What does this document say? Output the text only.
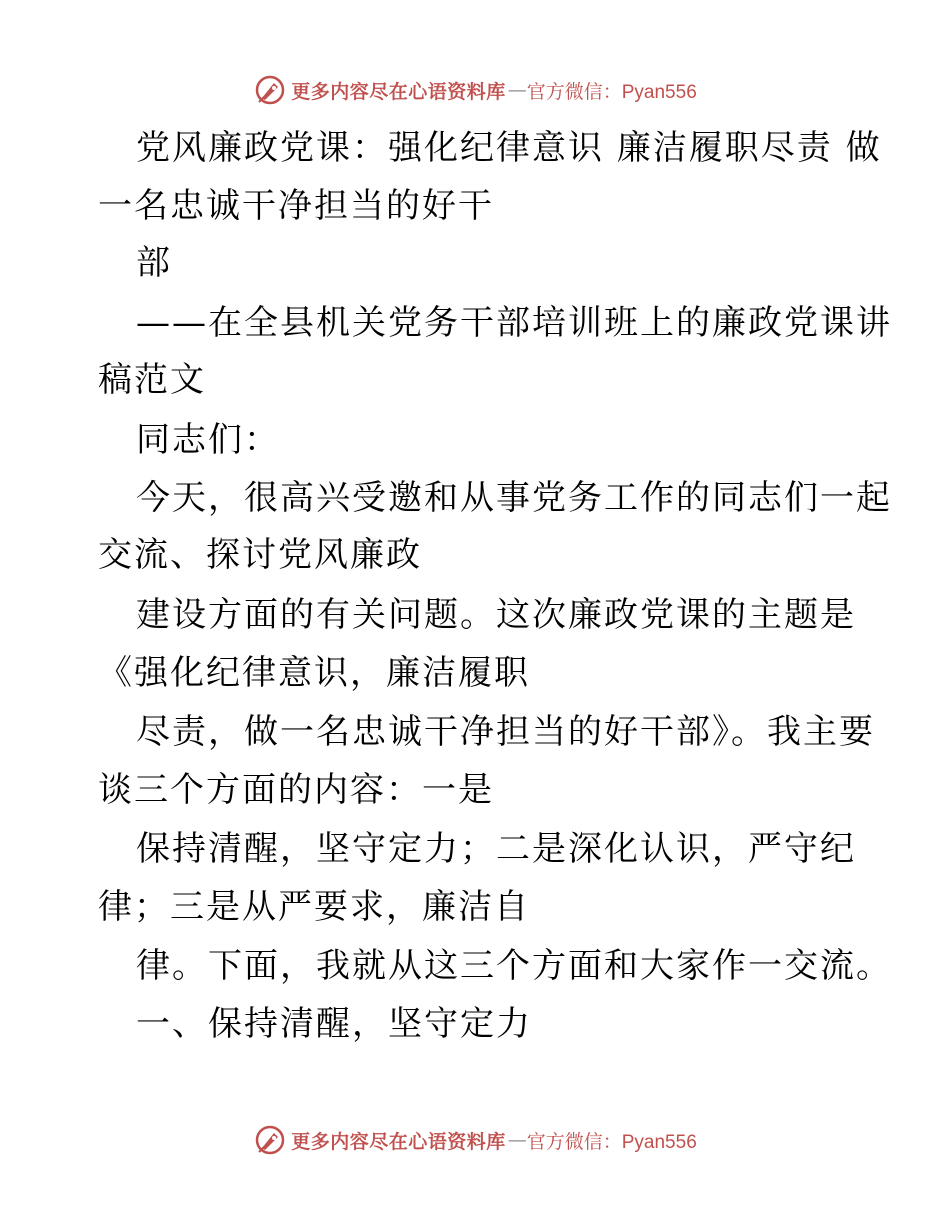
更多内容尽在心语资料库 — 官方微信：Pyan556
党风廉政党课：强化纪律意识 廉洁履职尽责 做
一名忠诚干净担当的好干
部
——在全县机关党务干部培训班上的廉政党课讲
稿范文
同志们：
今天，很高兴受邀和从事党务工作的同志们一起
交流、探讨党风廉政
建设方面的有关问题。这次廉政党课的主题是
《强化纪律意识，廉洁履职
尽责，做一名忠诚干净担当的好干部》。我主要
谈三个方面的内容：一是
保持清醒，坚守定力；二是深化认识，严守纪
律；三是从严要求，廉洁自
律。下面，我就从这三个方面和大家作一交流。
一、保持清醒，坚守定力
更多内容尽在心语资料库 — 官方微信：Pyan556
